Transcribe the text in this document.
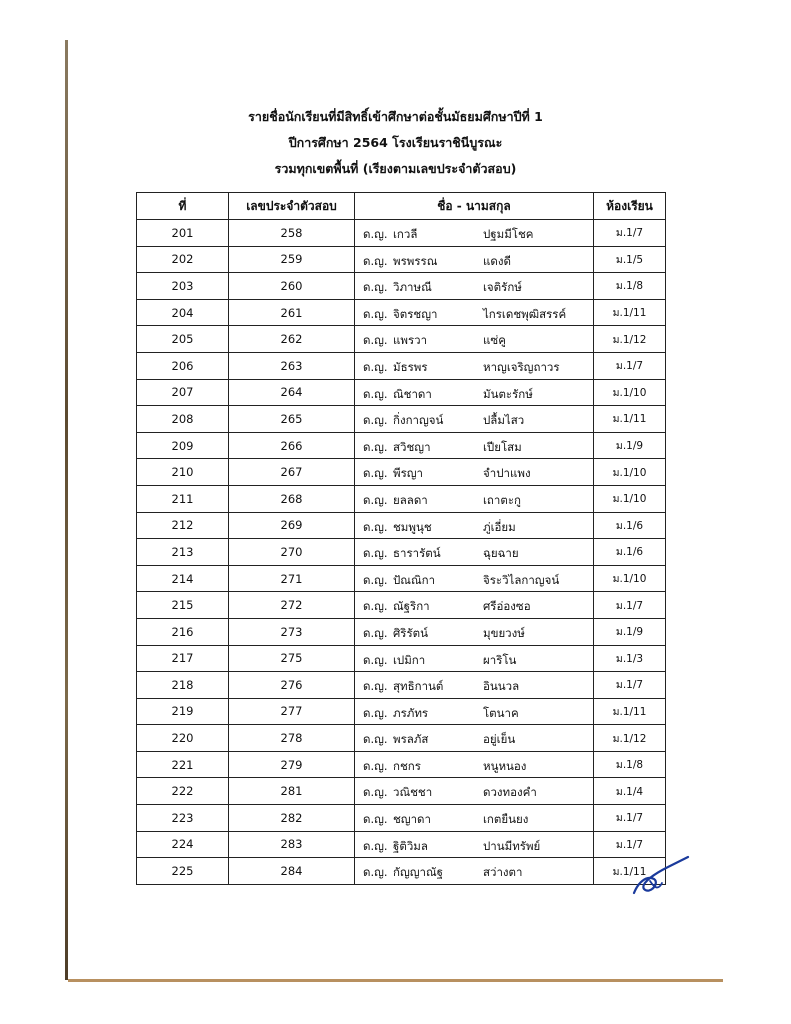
รายชื่อนักเรียนที่มีสิทธิ์เข้าศึกษาต่อชั้นมัธยมศึกษาปีที่ 1
ปีการศึกษา 2564 โรงเรียนราชินีบูรณะ
รวมทุกเขตพื้นที่ (เรียงตามเลขประจำตัวสอบ)
ที่	เลขประจำตัวสอบ	ชื่อ - นามสกุล	ห้องเรียน
201	258	ด.ญ. เกวลี ปฐมมีโชค	ม.1/7
202	259	ด.ญ. พรพรรณ แดงดี	ม.1/5
203	260	ด.ญ. วิภาษณี เจติรักษ์	ม.1/8
204	261	ด.ญ. จิตรชญา ไกรเดชพุฒิสรรค์	ม.1/11
205	262	ด.ญ. แพรวา แซ่คู	ม.1/12
206	263	ด.ญ. มัธรพร หาญเจริญถาวร	ม.1/7
207	264	ด.ญ. ณิชาดา มันตะรักษ์	ม.1/10
208	265	ด.ญ. กิ่งกาญจน์ ปลื้มไสว	ม.1/11
209	266	ด.ญ. สวิชญา เปียโสม	ม.1/9
210	267	ด.ญ. พีรญา จำปาแพง	ม.1/10
211	268	ด.ญ. ยลลดา เถาตะกู	ม.1/10
212	269	ด.ญ. ชมพูนุช ภู่เอี่ยม	ม.1/6
213	270	ด.ญ. ธารารัตน์ ฉุยฉาย	ม.1/6
214	271	ด.ญ. ปัณณิกา จิระวิไลกาญจน์	ม.1/10
215	272	ด.ญ. ณัฐริกา ศรีอ่องซอ	ม.1/7
216	273	ด.ญ. ศิริรัตน์ มุขยวงษ์	ม.1/9
217	275	ด.ญ. เปมิกา ผาริโน	ม.1/3
218	276	ด.ญ. สุทธิกานต์ อินนวล	ม.1/7
219	277	ด.ญ. ภรภัทร โตนาค	ม.1/11
220	278	ด.ญ. พรลภัส อยู่เย็น	ม.1/12
221	279	ด.ญ. กชกร หนูหนอง	ม.1/8
222	281	ด.ญ. วณิชชา ดวงทองคำ	ม.1/4
223	282	ด.ญ. ชญาดา เกตยืนยง	ม.1/7
224	283	ด.ญ. ฐิติวิมล ปานมีทรัพย์	ม.1/7
225	284	ด.ญ. กัญญาณัฐ สว่างตา	ม.1/11
